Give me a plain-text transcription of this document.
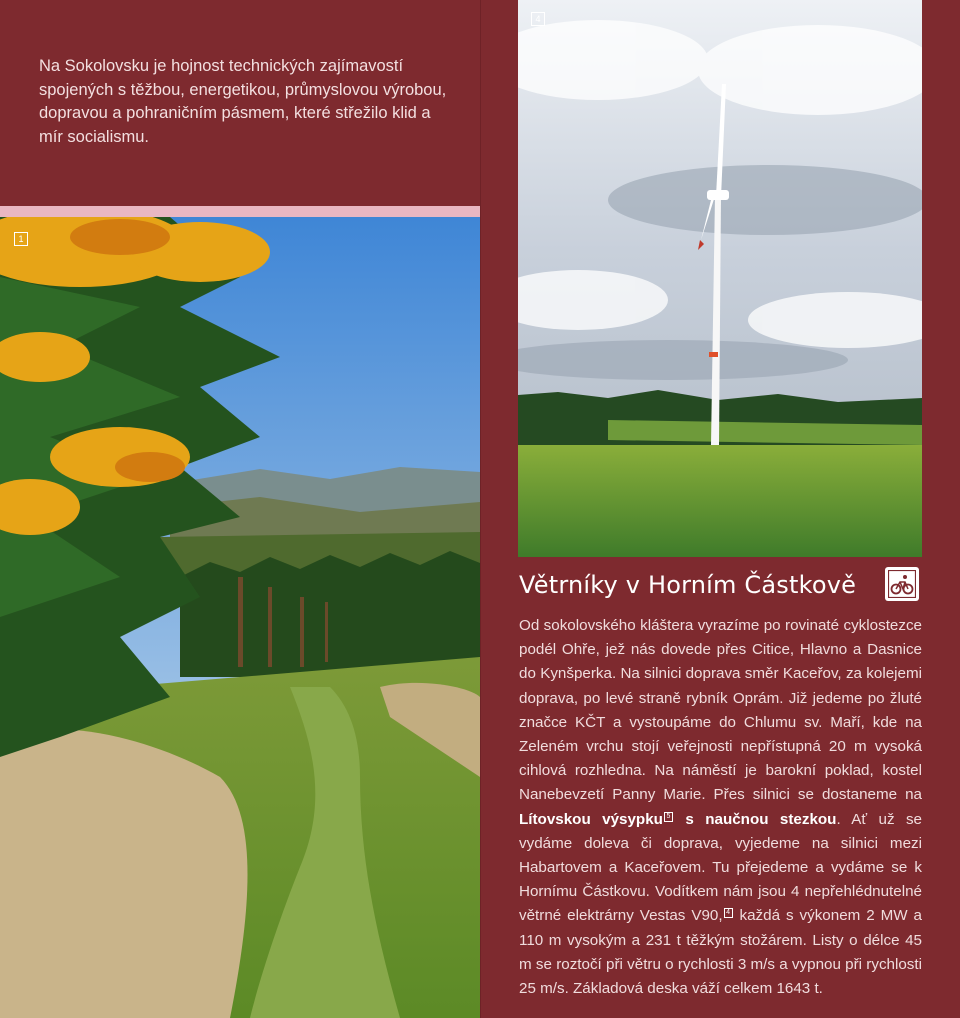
Na Sokolovsku je hojnost technických zajímavostí spojených s těžbou, energetikou, průmyslovou výrobou, dopravou a pohraničním pásmem, které střežilo klid a mír socialismu.
1
4
Větrníky v Horním Částkově
Od sokolovského kláštera vyrazíme po rovinaté cyklostezce podél Ohře, jež nás dovede přes Citice, Hlavno a Dasnice do Kynšperka. Na silnici doprava směr Kaceřov, za kolejemi doprava, po levé straně rybník Oprám. Již jedeme po žluté značce KČT a vystoupáme do Chlumu sv. Maří, kde na Zeleném vrchu stojí veřejnosti nepřístupná 20 m vysoká cihlová rozhledna. Na náměstí je barokní poklad, kostel Nanebevzetí Panny Marie. Přes silnici se dostaneme na Lítovskou výsypku 5 s naučnou stezkou. Ať už se vydáme doleva či doprava, vyjedeme na silnici mezi Habartovem a Kaceřovem. Tu přejedeme a vydáme se k Hornímu Částkovu. Vodítkem nám jsou 4 nepřehlédnutelné větrné elektrárny Vestas V90, 4 každá s výkonem 2 MW a 110 m vysokým a 231 t těžkým stožárem. Listy o délce 45 m se roztočí při větru o rychlosti 3 m/s a vypnou při rychlosti 25 m/s. Základová deska váží celkem 1643 t.
